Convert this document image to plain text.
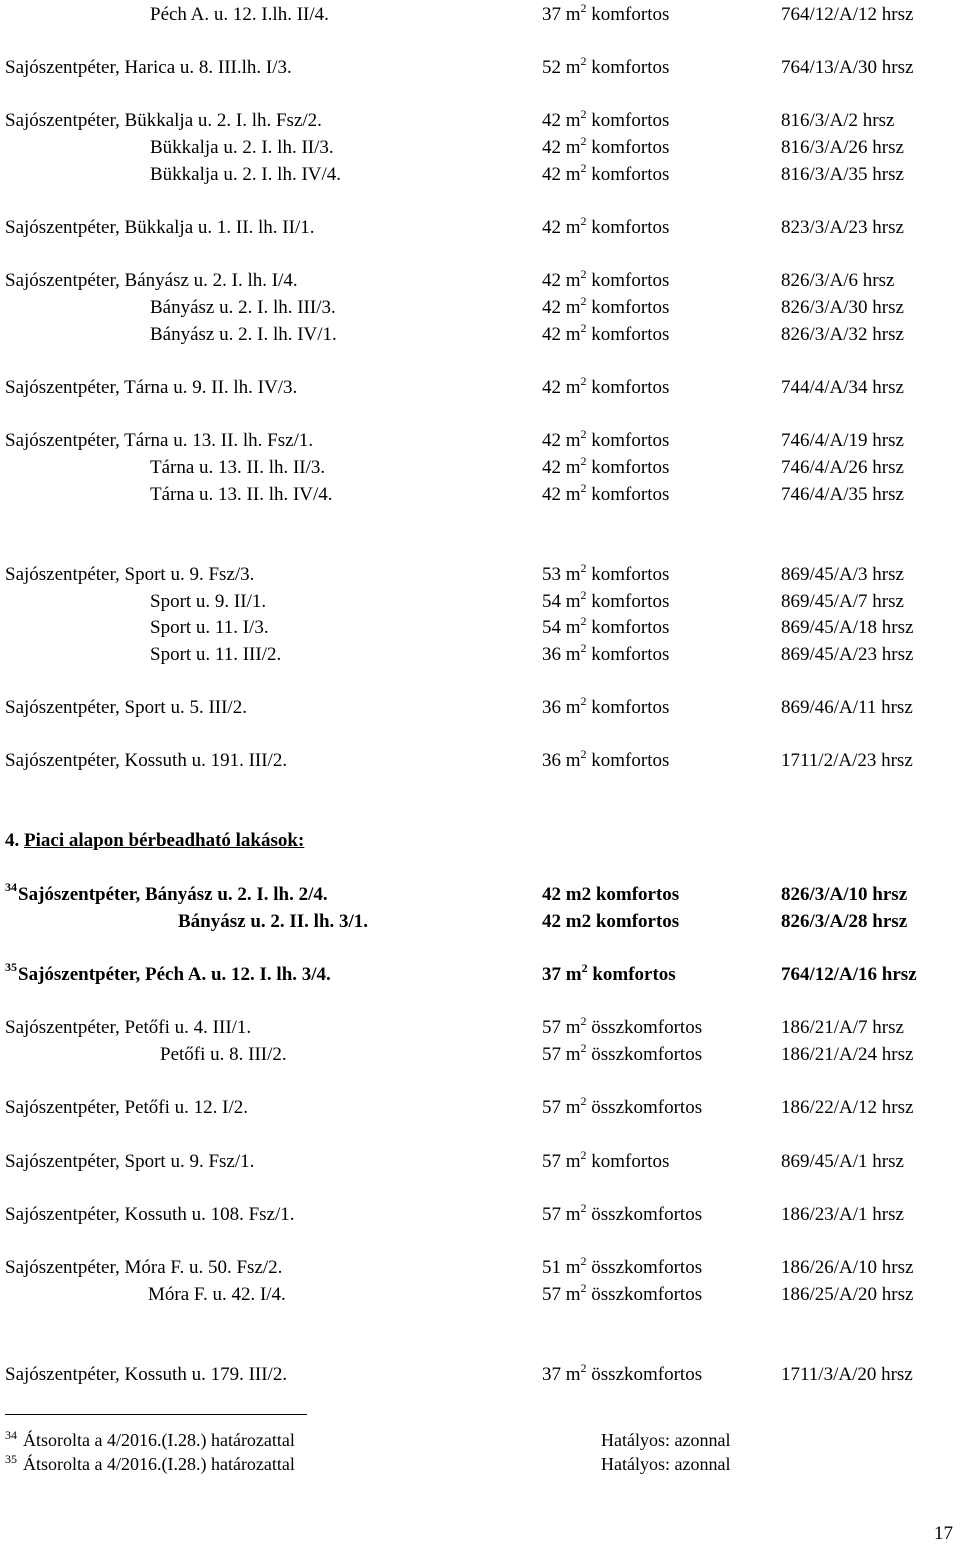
Péch A. u. 12. I.lh. II/4.	37 $m^2$ komfortos	764/12/A/12 hrsz
Sajószentpéter, Harica u. 8. III.lh. I/3.	52 $m^2$ komfortos	764/13/A/30 hrsz
Sajószentpéter, Bükkalja u. 2. I. lh. Fsz/2.	42 $m^2$ komfortos	816/3/A/2 hrsz
Bükkalja u. 2. I. lh. II/3.	42 $m^2$ komfortos	816/3/A/26 hrsz
Bükkalja u. 2. I. lh. IV/4.	42 $m^2$ komfortos	816/3/A/35 hrsz
Sajószentpéter, Bükkalja u. 1. II. lh. II/1.	42 $m^2$ komfortos	823/3/A/23 hrsz
Sajószentpéter, Bányász u. 2. I. lh. I/4.	42 $m^2$ komfortos	826/3/A/6 hrsz
Bányász u. 2. I. lh. III/3.	42 $m^2$ komfortos	826/3/A/30 hrsz
Bányász u. 2. I. lh. IV/1.	42 $m^2$ komfortos	826/3/A/32 hrsz
Sajószentpéter, Tárna u. 9. II. lh. IV/3.	42 $m^2$ komfortos	744/4/A/34 hrsz
Sajószentpéter, Tárna u. 13. II. lh. Fsz/1.	42 $m^2$ komfortos	746/4/A/19 hrsz
Tárna u. 13. II. lh. II/3.	42 $m^2$ komfortos	746/4/A/26 hrsz
Tárna u. 13. II. lh. IV/4.	42 $m^2$ komfortos	746/4/A/35 hrsz
Sajószentpéter, Sport u. 9. Fsz/3.	53 $m^2$ komfortos	869/45/A/3 hrsz
Sport u. 9. II/1.	54 $m^2$ komfortos	869/45/A/7 hrsz
Sport u. 11. I/3.	54 $m^2$ komfortos	869/45/A/18 hrsz
Sport u. 11. III/2.	36 $m^2$ komfortos	869/45/A/23 hrsz
Sajószentpéter, Sport u. 5. III/2.	36 $m^2$ komfortos	869/46/A/11 hrsz
Sajószentpéter, Kossuth u. 191. III/2.	36 $m^2$ komfortos	1711/2/A/23 hrsz
4. Piaci alapon bérbeadható lakások:
$^{34}$Sajószentpéter, Bányász u. 2. I. lh. 2/4.	42 m2 komfortos	826/3/A/10 hrsz
Bányász u. 2. II. lh. 3/1.	42 m2 komfortos	826/3/A/28 hrsz
$^{35}$Sajószentpéter, Péch A. u. 12. I. lh. 3/4.	37 $m^2$ komfortos	764/12/A/16 hrsz
Sajószentpéter, Petőfi u. 4. III/1.	57 $m^2$ összkomfortos	186/21/A/7 hrsz
Petőfi u. 8. III/2.	57 $m^2$ összkomfortos	186/21/A/24 hrsz
Sajószentpéter, Petőfi u. 12. I/2.	57 $m^2$ összkomfortos	186/22/A/12 hrsz
Sajószentpéter, Sport u. 9. Fsz/1.	57 $m^2$ komfortos	869/45/A/1 hrsz
Sajószentpéter, Kossuth u. 108. Fsz/1.	57 $m^2$ összkomfortos	186/23/A/1 hrsz
Sajószentpéter, Móra F. u. 50. Fsz/2.	51 $m^2$ összkomfortos	186/26/A/10 hrsz
Móra F. u. 42. I/4.	57 $m^2$ összkomfortos	186/25/A/20 hrsz
Sajószentpéter, Kossuth u. 179. III/2.	37 $m^2$ összkomfortos	1711/3/A/20 hrsz
$^{34}$ Átsorolta a 4/2016.(I.28.) határozattal	Hatályos: azonnal
$^{35}$ Átsorolta a 4/2016.(I.28.) határozattal	Hatályos: azonnal
17
